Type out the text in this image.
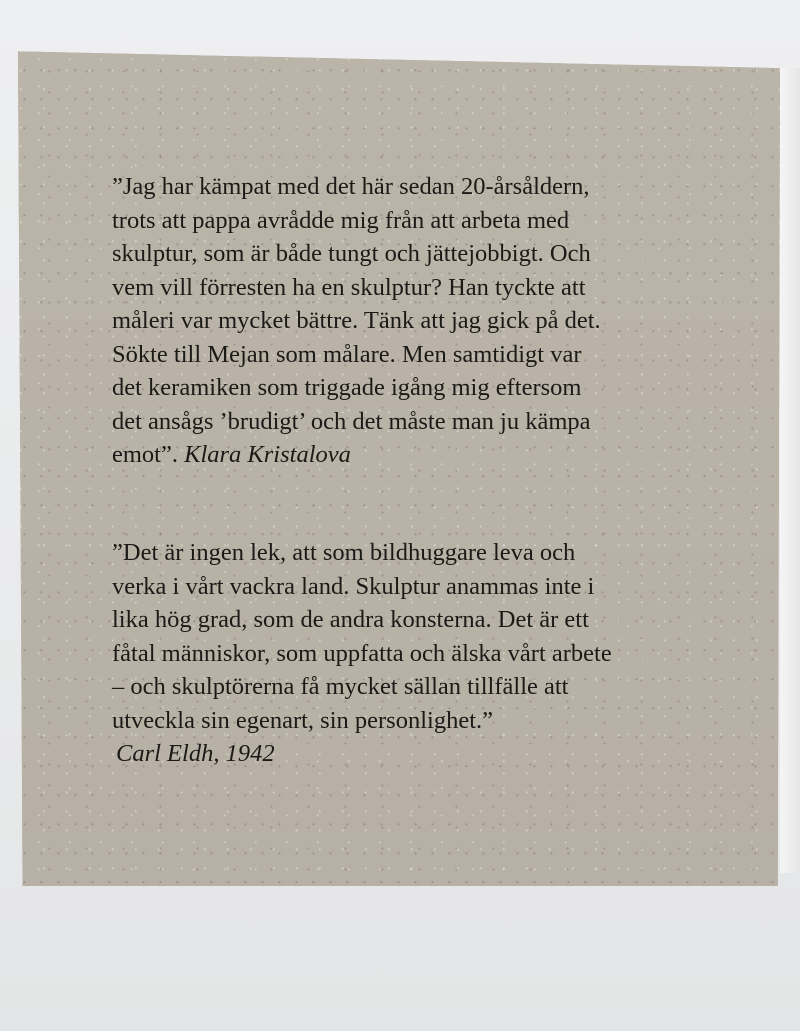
”Jag har kämpat med det här sedan 20-årsåldern,
trots att pappa avrådde mig från att arbeta med
skulptur, som är både tungt och jättejobbigt. Och
vem vill förresten ha en skulptur? Han tyckte att
måleri var mycket bättre. Tänk att jag gick på det.
Sökte till Mejan som målare. Men samtidigt var
det keramiken som triggade igång mig eftersom
det ansågs ’brudigt’ och det måste man ju kämpa
emot”. Klara Kristalova
”Det är ingen lek, att som bildhuggare leva och
verka i vårt vackra land. Skulptur anammas inte i
lika hög grad, som de andra konsterna. Det är ett
fåtal människor, som uppfatta och älska vårt arbete
– och skulptörerna få mycket sällan tillfälle att
utveckla sin egenart, sin personlighet.”
Carl Eldh, 1942
